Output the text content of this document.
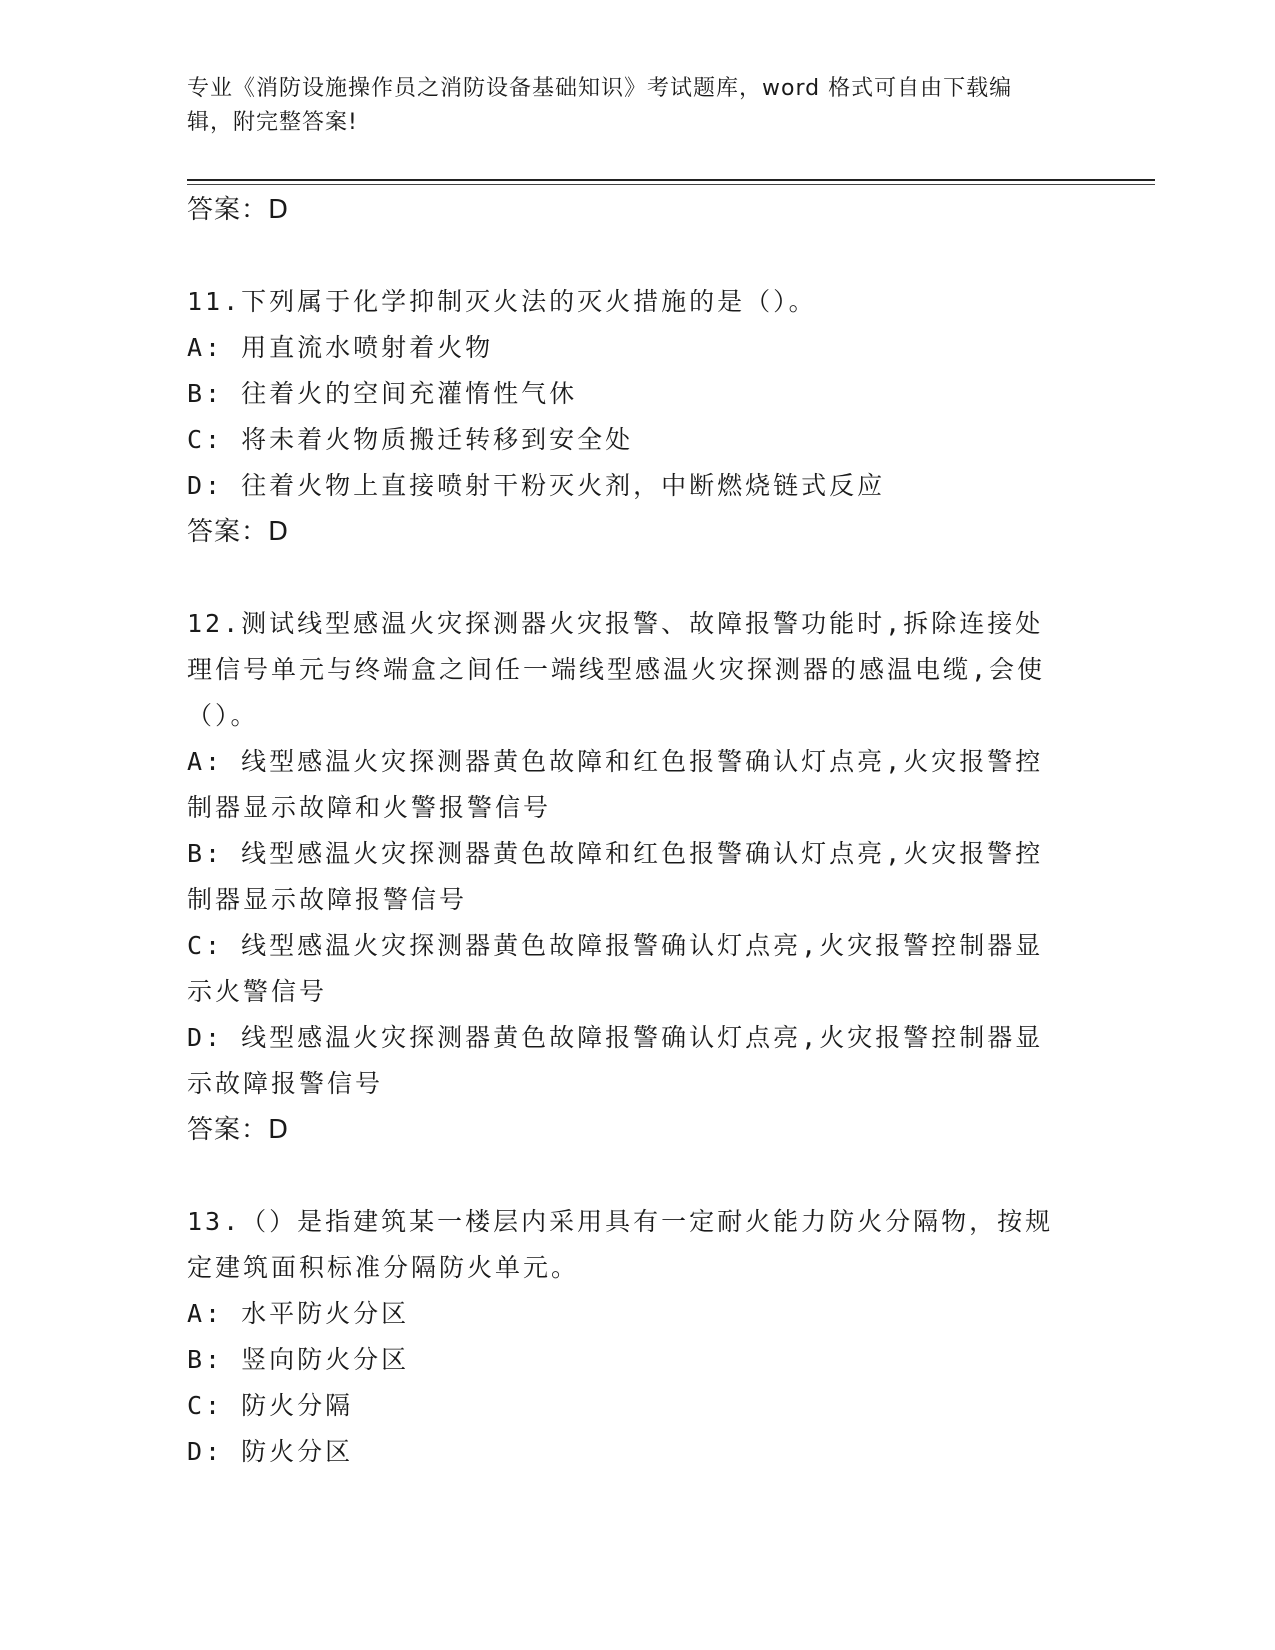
专业《消防设施操作员之消防设备基础知识》考试题库，word 格式可自由下载编
辑，附完整答案!
答案：D
11.下列属于化学抑制灭火法的灭火措施的是（）。
A: 用直流水喷射着火物
B: 往着火的空间充灌惰性气休
C: 将未着火物质搬迁转移到安全处
D: 往着火物上直接喷射干粉灭火剂，中断燃烧链式反应
答案：D
12.测试线型感温火灾探测器火灾报警、故障报警功能时,拆除连接处
理信号单元与终端盒之间任一端线型感温火灾探测器的感温电缆,会使
（）。
A: 线型感温火灾探测器黄色故障和红色报警确认灯点亮,火灾报警控
制器显示故障和火警报警信号
B: 线型感温火灾探测器黄色故障和红色报警确认灯点亮,火灾报警控
制器显示故障报警信号
C: 线型感温火灾探测器黄色故障报警确认灯点亮,火灾报警控制器显
示火警信号
D: 线型感温火灾探测器黄色故障报警确认灯点亮,火灾报警控制器显
示故障报警信号
答案：D
13.（）是指建筑某一楼层内采用具有一定耐火能力防火分隔物，按规
定建筑面积标准分隔防火单元。
A: 水平防火分区
B: 竖向防火分区
C: 防火分隔
D: 防火分区
